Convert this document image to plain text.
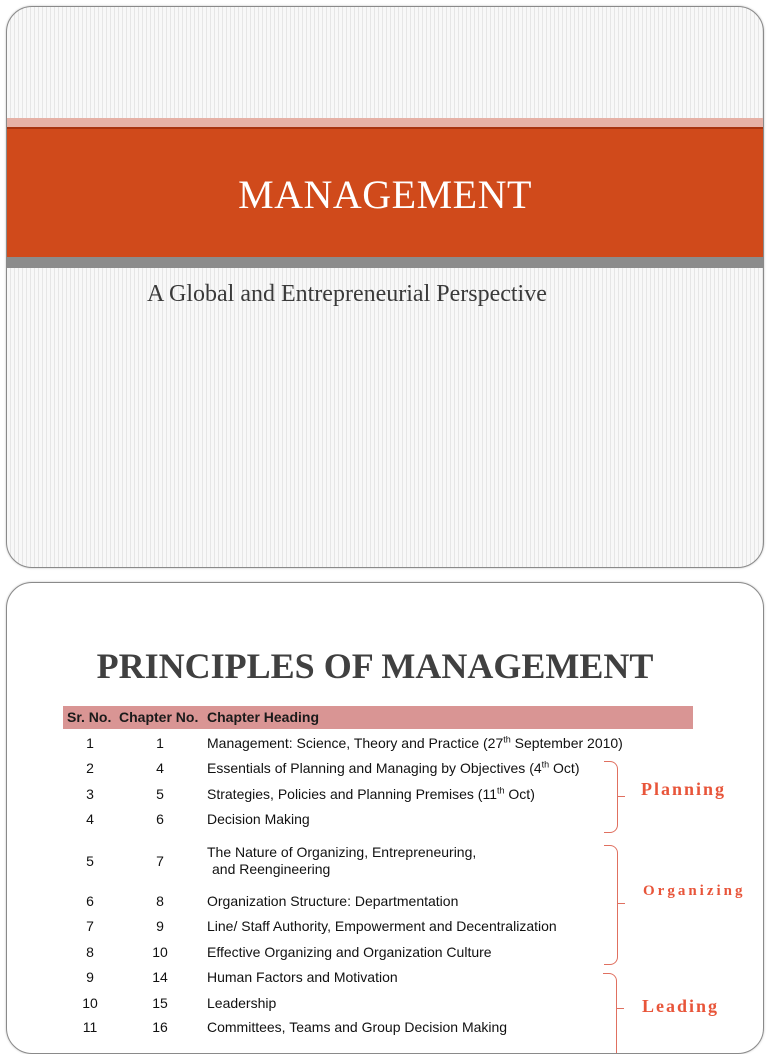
MANAGEMENT
A Global and Entrepreneurial Perspective
PRINCIPLES OF MANAGEMENT
Sr. No. Chapter No. Chapter Heading
1	1	Management: Science, Theory and Practice (27th September 2010)
2	4	Essentials of Planning and Managing by Objectives (4th Oct)
3	5	Strategies, Policies and Planning Premises (11th Oct)
4	6	Decision Making
5	7
The Nature of Organizing, Entrepreneuring,
and Reengineering
6	8	Organization Structure: Departmentation
7	9	Line/ Staff Authority, Empowerment and Decentralization
8	10	Effective Organizing and Organization Culture
9	14	Human Factors and Motivation
10	15	Leadership
11	16	Committees, Teams and Group Decision Making
Planning
Organizing
Leading
